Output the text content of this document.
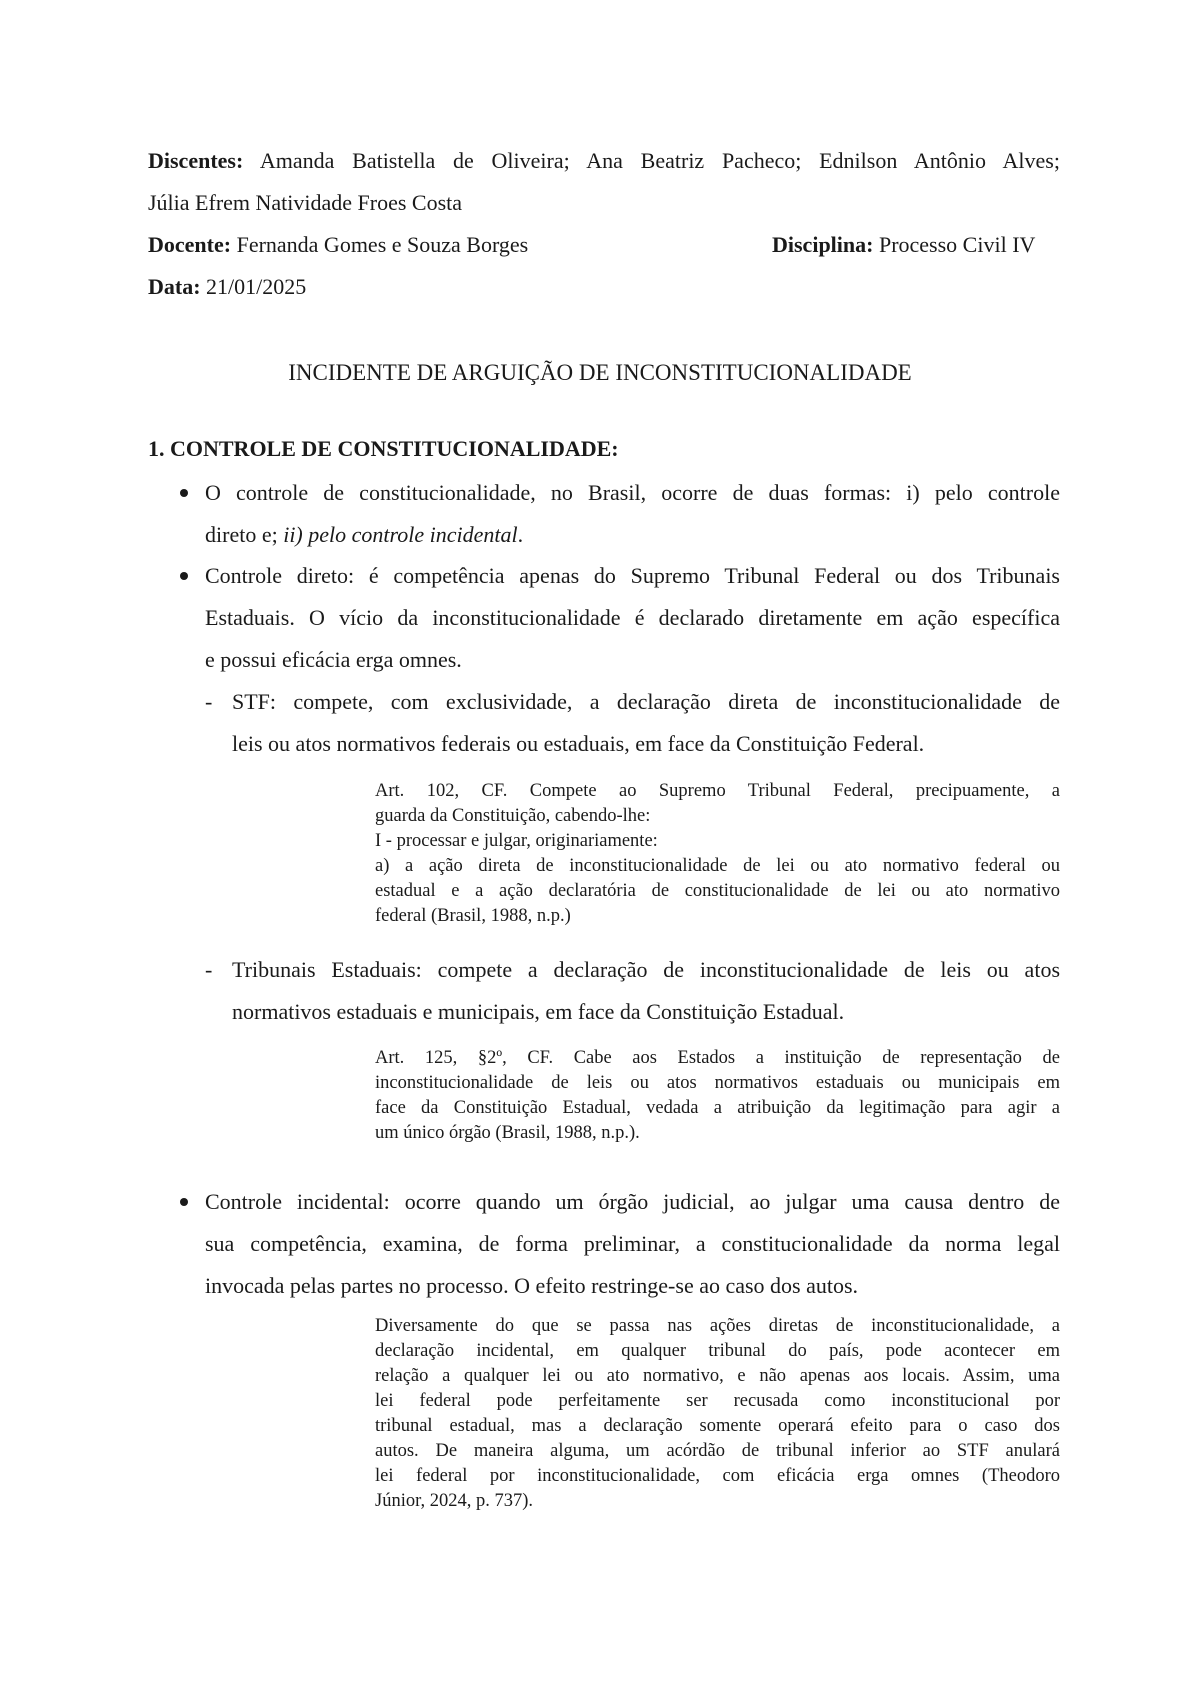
Discentes: Amanda Batistella de Oliveira; Ana Beatriz Pacheco; Ednilson Antônio Alves;
Júlia Efrem Natividade Froes Costa
Docente: Fernanda Gomes e Souza Borges	Disciplina: Processo Civil IV
Data: 21/01/2025
INCIDENTE DE ARGUIÇÃO DE INCONSTITUCIONALIDADE
1. CONTROLE DE CONSTITUCIONALIDADE:
O controle de constitucionalidade, no Brasil, ocorre de duas formas: i) pelo controle
direto e; ii) pelo controle incidental.
Controle direto: é competência apenas do Supremo Tribunal Federal ou dos Tribunais
Estaduais. O vício da inconstitucionalidade é declarado diretamente em ação específica
e possui eficácia erga omnes.
- STF: compete, com exclusividade, a declaração direta de inconstitucionalidade de
leis ou atos normativos federais ou estaduais, em face da Constituição Federal.
Art. 102, CF. Compete ao Supremo Tribunal Federal, precipuamente, a
guarda da Constituição, cabendo-lhe:
I - processar e julgar, originariamente:
a) a ação direta de inconstitucionalidade de lei ou ato normativo federal ou
estadual e a ação declaratória de constitucionalidade de lei ou ato normativo
federal (Brasil, 1988, n.p.)
- Tribunais Estaduais: compete a declaração de inconstitucionalidade de leis ou atos
normativos estaduais e municipais, em face da Constituição Estadual.
Art. 125, §2º, CF. Cabe aos Estados a instituição de representação de
inconstitucionalidade de leis ou atos normativos estaduais ou municipais em
face da Constituição Estadual, vedada a atribuição da legitimação para agir a
um único órgão (Brasil, 1988, n.p.).
Controle incidental: ocorre quando um órgão judicial, ao julgar uma causa dentro de
sua competência, examina, de forma preliminar, a constitucionalidade da norma legal
invocada pelas partes no processo. O efeito restringe-se ao caso dos autos.
Diversamente do que se passa nas ações diretas de inconstitucionalidade, a
declaração incidental, em qualquer tribunal do país, pode acontecer em
relação a qualquer lei ou ato normativo, e não apenas aos locais. Assim, uma
lei federal pode perfeitamente ser recusada como inconstitucional por
tribunal estadual, mas a declaração somente operará efeito para o caso dos
autos. De maneira alguma, um acórdão de tribunal inferior ao STF anulará
lei federal por inconstitucionalidade, com eficácia erga omnes (Theodoro
Júnior, 2024, p. 737).
